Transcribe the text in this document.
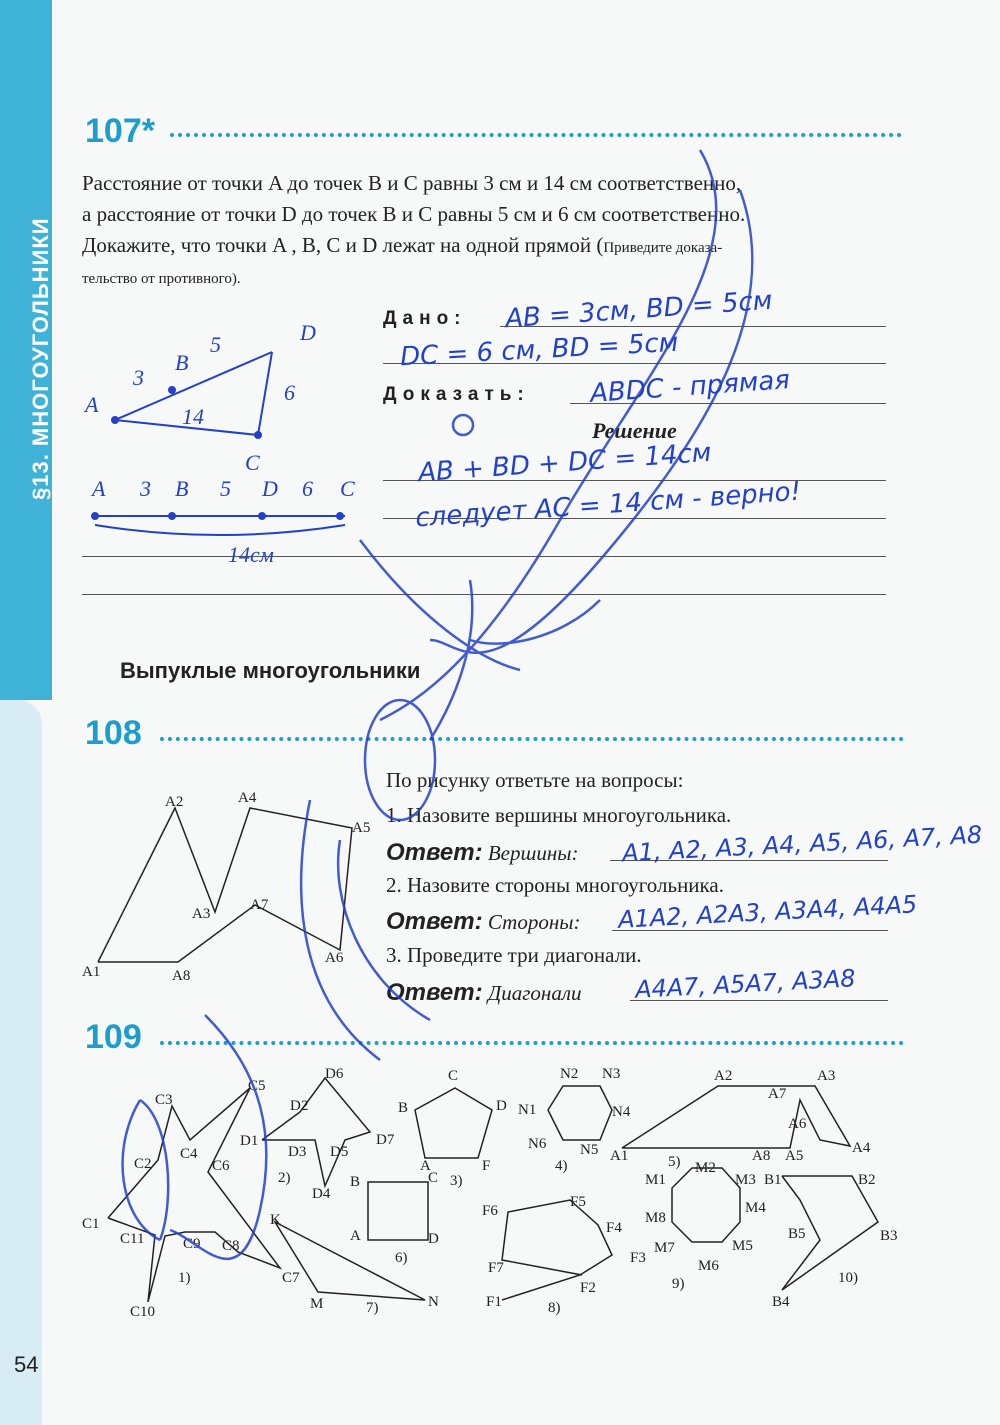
§13. МНОГОУГОЛЬНИКИ
54
107*
Расстояние от точки A до точек B и C равны 3 см и 14 см соответственно,
а расстояние от точки D до точек B и C равны 5 см и 6 см соответственно.
Докажите, что точки A , B, C и D лежат на одной прямой (Приведите доказа-
тельство от противного).
Дано:
Доказать:
Решение
AB = 3см, BD = 5см
DC = 6 см, BD = 5см
ABDC - прямая
AB + BD + DC = 14см
следует AC = 14 см - верно!
Выпуклые многоугольники
108
По рисунку ответьте на вопросы:
1. Назовите вершины многоугольника.
Ответ: Вершины:
2. Назовите стороны многоугольника.
Ответ: Стороны:
3. Проведите три диагонали.
Ответ: Диагонали
A1, A2, A3, A4, A5, A6, A7, A8
A1A2, A2A3, A3A4, A4A5
A4A7, A5A7, A3A8
109
A
B
C
D
3
5
6
14
A 3 B 5 D 6 C
14см
A1
A2
A3
A4
A5
A6
A7
A8
C1
C2
C3
C4
C5
C6
C7
C8
C9
C10
C11
1)
D1
D2
D3
D4
D5
D6
D7
2)
A
B
C
D
F
3)
N1
N2 N3
N4
N5
N6
4)
A1
A2	A3
A4
A5
A6
A7
A8
5)
A
B	C
D
6)
K
M	N
7)	F1
F2
F3
F4
F5
F6
F7
8)
M1
M2
M3
M4
M5
M6
M7
M8
9)
B1	B2
B3
B4
B5
10)
